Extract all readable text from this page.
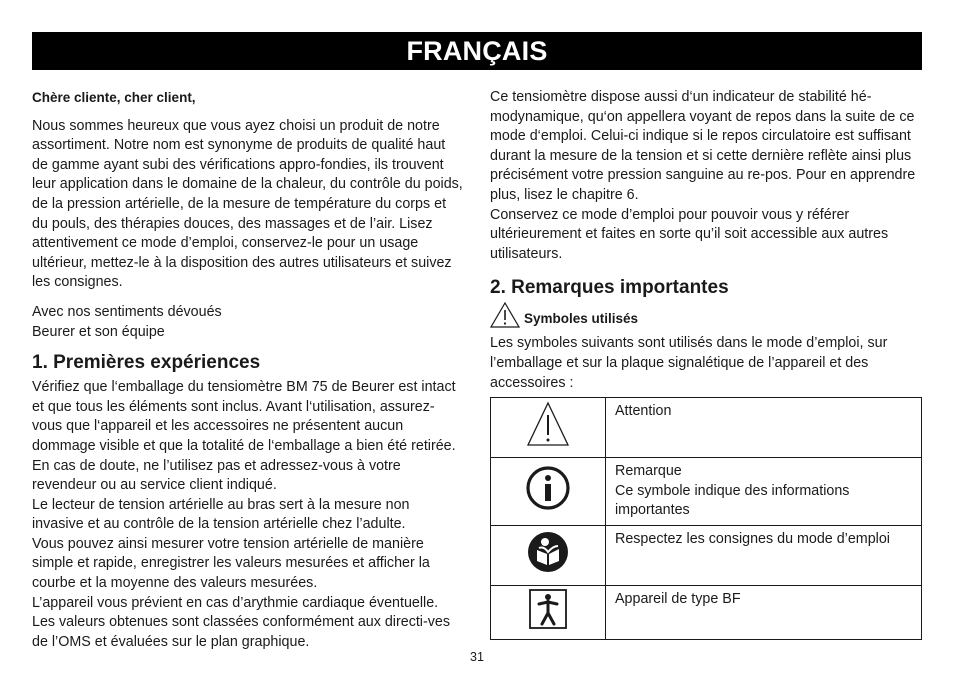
FRANÇAIS

Chère cliente, cher client,

Nous sommes heureux que vous ayez choisi un produit de notre assortiment. Notre nom est synonyme de produits de qualité haut de gamme ayant subi des vérifications appro-fondies, ils trouvent leur application dans le domaine de la chaleur, du contrôle du poids, de la pression artérielle, de la mesure de température du corps et du pouls, des thérapies douces, des massages et de l’air. Lisez attentivement ce mode d’emploi, conservez-le pour un usage ultérieur, mettez-le à la disposition des autres utilisateurs et suivez les consignes.

Avec nos sentiments dévoués

Beurer et son équipe

1. Premières expériences

Vérifiez que l‘emballage du tensiomètre BM 75 de Beurer est intact et que tous les éléments sont inclus. Avant l‘utilisation, assurez-vous que l‘appareil et les accessoires ne présentent aucun dommage visible et que la totalité de l‘emballage a bien été retirée. En cas de doute, ne l’utilisez pas et adressez-vous à votre revendeur ou au service client indiqué.

Le lecteur de tension artérielle au bras sert à la mesure non invasive et au contrôle de la tension artérielle chez l’adulte.

Vous pouvez ainsi mesurer votre tension artérielle de manière simple et rapide, enregistrer les valeurs mesurées et afficher la courbe et la moyenne des valeurs mesurées.

L’appareil vous prévient en cas d’arythmie cardiaque éventuelle. Les valeurs obtenues sont classées conformément aux directi-ves de l’OMS et évaluées sur le plan graphique.

Ce tensiomètre dispose aussi d‘un indicateur de stabilité hé-modynamique, qu‘on appellera voyant de repos dans la suite de ce mode d‘emploi. Celui-ci indique si le repos circulatoire est suffisant durant la mesure de la tension et si cette dernière reflète ainsi plus précisément votre pression sanguine au re-pos. Pour en apprendre plus, lisez le chapitre 6.

Conservez ce mode d’emploi pour pouvoir vous y référer ultérieurement et faites en sorte qu’il soit accessible aux autres utilisateurs.

2. Remarques importantes
Symboles utilisés

Les symboles suivants sont utilisés dans le mode d’emploi, sur l’emballage et sur la plaque signalétique de l’appareil et des accessoires :

Attention

Remarque
Ce symbole indique des informations importantes

Respectez les consignes du mode d’emploi

Appareil de type BF
31
